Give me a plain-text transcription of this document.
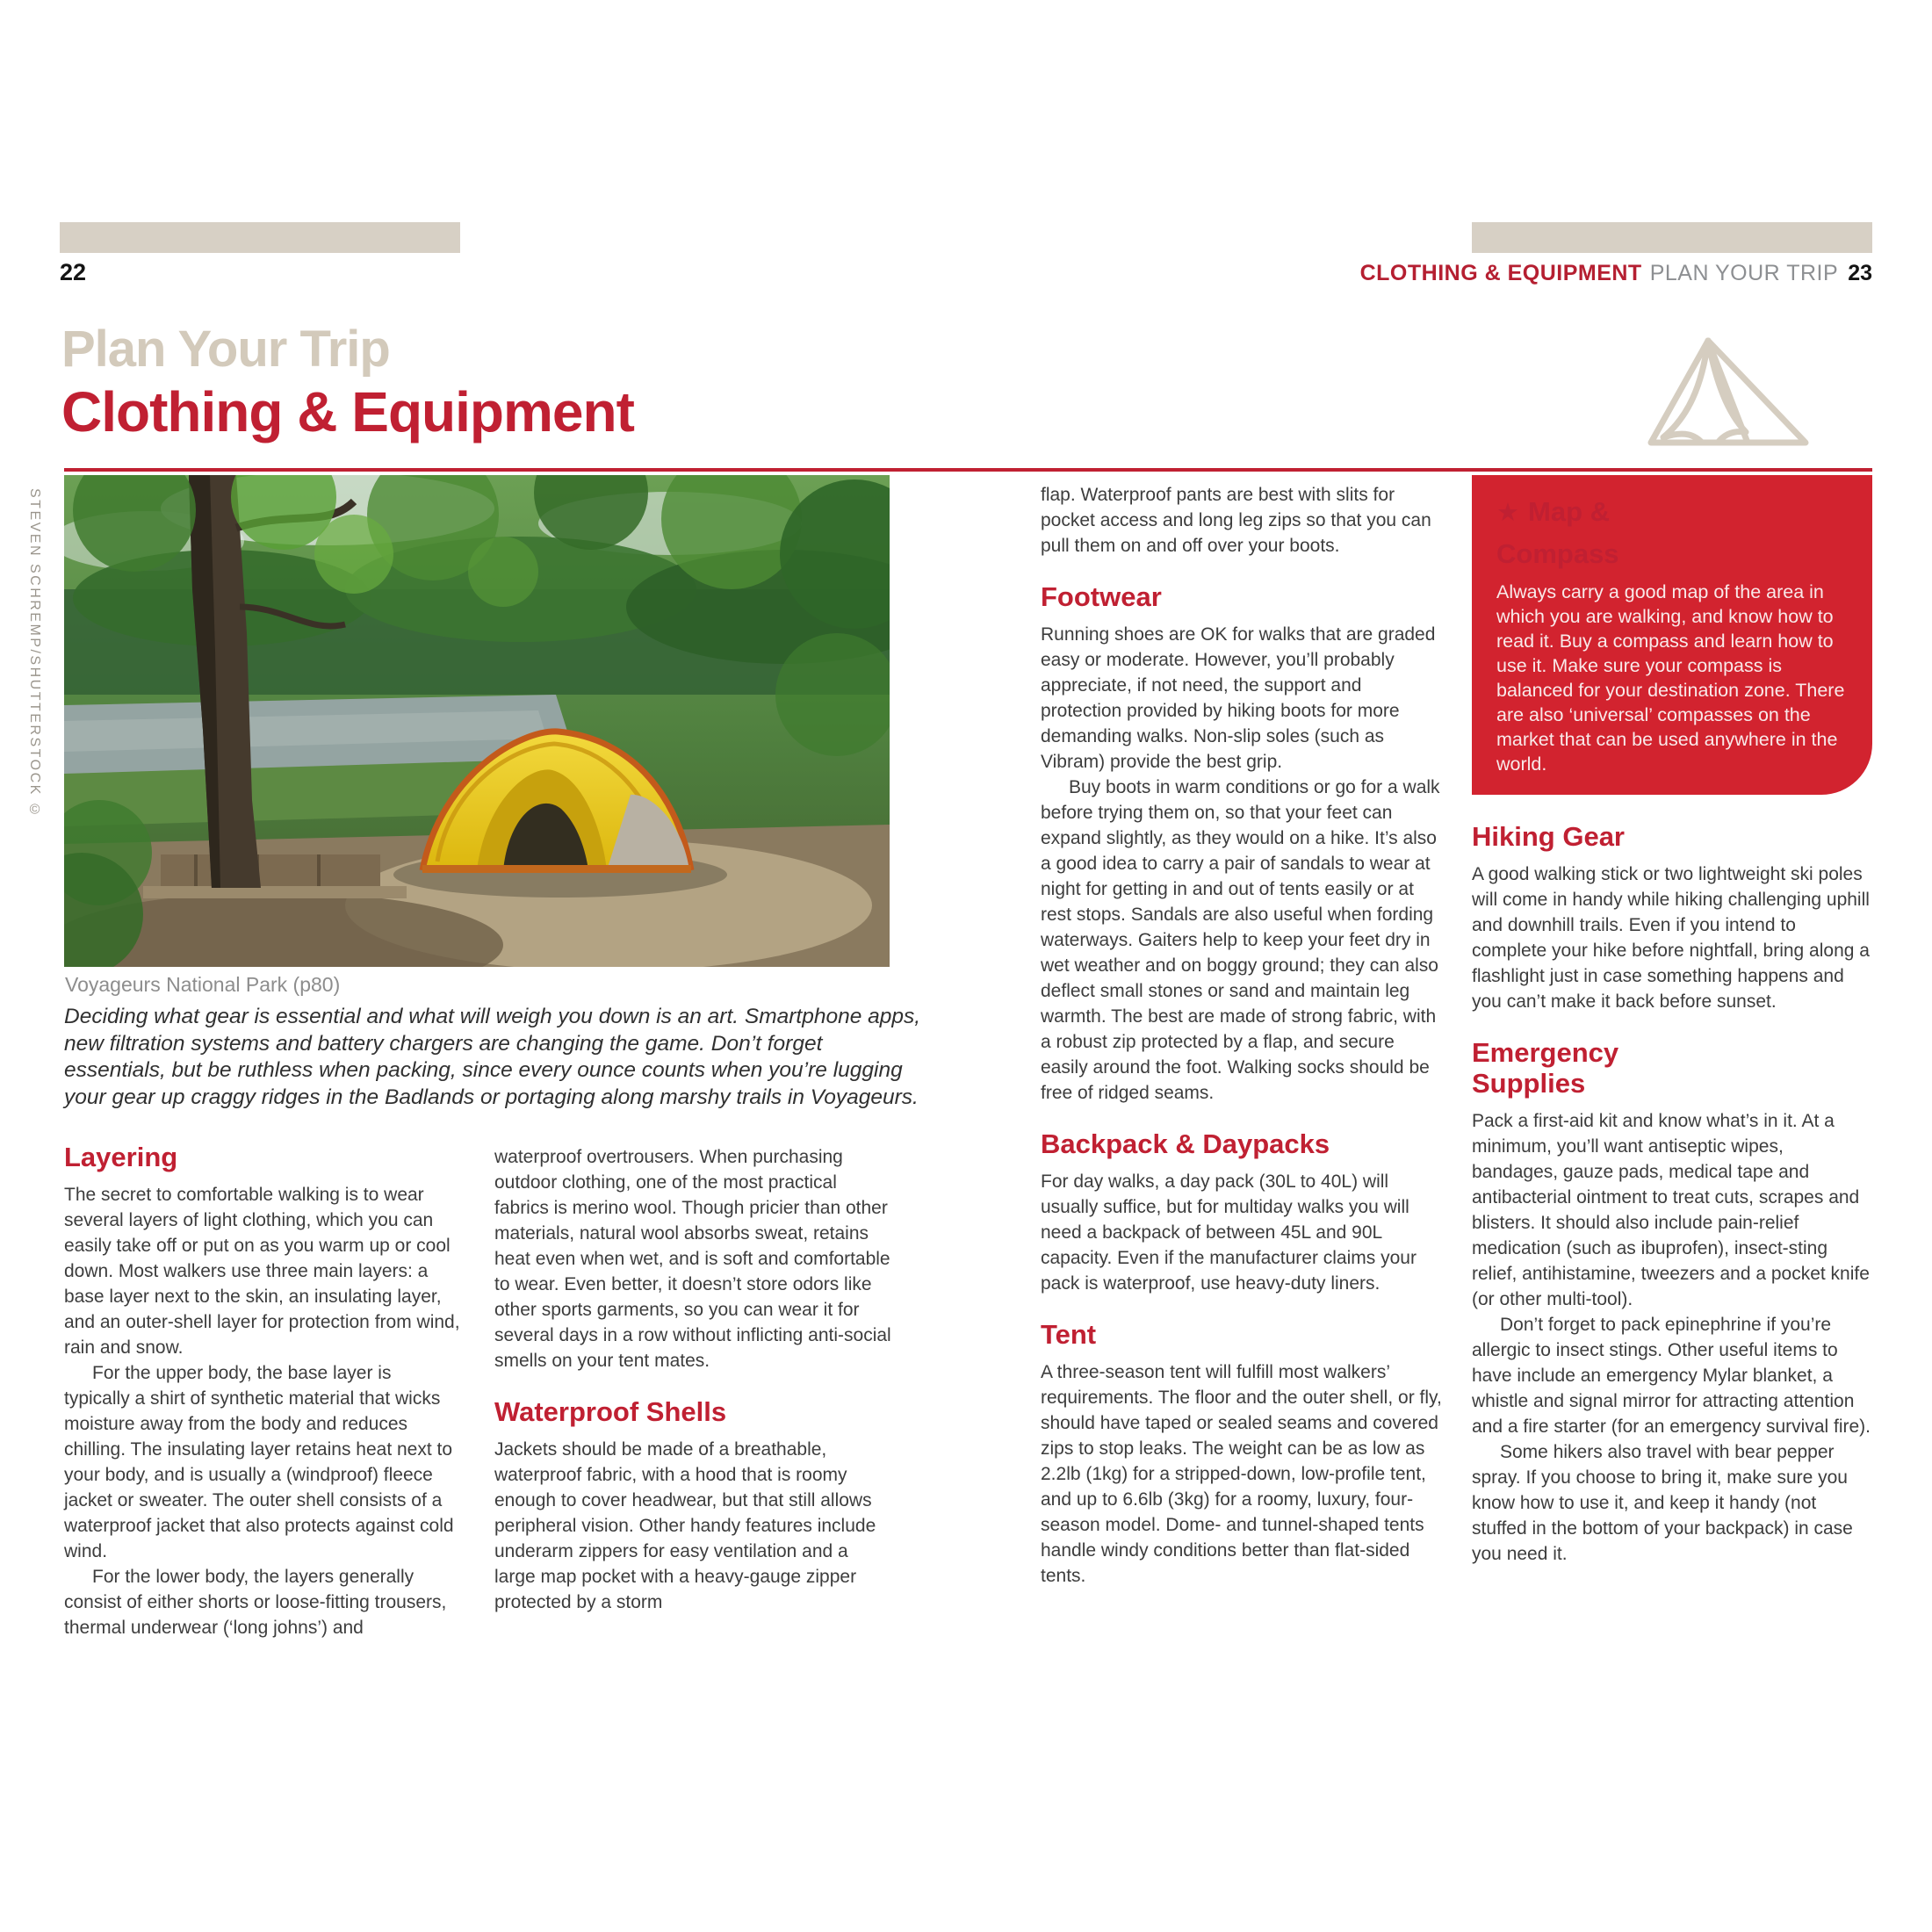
22	CLOTHING & EQUIPMENT PLAN YOUR TRIP 23
Plan Your Trip
Clothing & Equipment
STEVEN SCHREMP/SHUTTERSTOCK ©
Voyageurs National Park (p80)
Deciding what gear is essential and what will weigh you down is an art. Smartphone apps, new filtration systems and battery chargers are changing the game. Don’t forget essentials, but be ruthless when packing, since every ounce counts when you’re lugging your gear up craggy ridges in the Badlands or portaging along marshy trails in Voyageurs.
Layering

The secret to comfortable walking is to wear several layers of light clothing, which you can easily take off or put on as you warm up or cool down. Most walkers use three main layers: a base layer next to the skin, an insulating layer, and an outer-shell layer for protection from wind, rain and snow.

For the upper body, the base layer is typically a shirt of synthetic material that wicks moisture away from the body and reduces chilling. The insulating layer retains heat next to your body, and is usually a (windproof) fleece jacket or sweater. The outer shell consists of a waterproof jacket that also protects against cold wind.

For the lower body, the layers generally consist of either shorts or loose-fitting trousers, thermal underwear (‘long johns’) and

waterproof overtrousers. When purchasing outdoor clothing, one of the most practical fabrics is merino wool. Though pricier than other materials, natural wool absorbs sweat, retains heat even when wet, and is soft and comfortable to wear. Even better, it doesn’t store odors like other sports garments, so you can wear it for several days in a row without inflicting anti-social smells on your tent mates.

Waterproof Shells

Jackets should be made of a breathable, waterproof fabric, with a hood that is roomy enough to cover headwear, but that still allows peripheral vision. Other handy features include underarm zippers for easy ventilation and a large map pocket with a heavy-gauge zipper protected by a storm

flap. Waterproof pants are best with slits for pocket access and long leg zips so that you can pull them on and off over your boots.

Footwear

Running shoes are OK for walks that are graded easy or moderate. However, you’ll probably appreciate, if not need, the support and protection provided by hiking boots for more demanding walks. Non-slip soles (such as Vibram) provide the best grip.

Buy boots in warm conditions or go for a walk before trying them on, so that your feet can expand slightly, as they would on a hike. It’s also a good idea to carry a pair of sandals to wear at night for getting in and out of tents easily or at rest stops. Sandals are also useful when fording waterways. Gaiters help to keep your feet dry in wet weather and on boggy ground; they can also deflect small stones or sand and maintain leg warmth. The best are made of strong fabric, with a robust zip protected by a flap, and secure easily around the foot. Walking socks should be free of ridged seams.

Backpack & Daypacks

For day walks, a day pack (30L to 40L) will usually suffice, but for multiday walks you will need a backpack of between 45L and 90L capacity. Even if the manufacturer claims your pack is waterproof, use heavy-duty liners.

Tent

A three-season tent will fulfill most walkers’ requirements. The floor and the outer shell, or fly, should have taped or sealed seams and covered zips to stop leaks. The weight can be as low as 2.2lb (1kg) for a stripped-down, low-profile tent, and up to 6.6lb (3kg) for a roomy, luxury, four-season model. Dome- and tunnel-shaped tents handle windy conditions better than flat-sided tents.

★ Map &
Compass

Always carry a good map of the area in which you are walking, and know how to read it. Buy a compass and learn how to use it. Make sure your compass is balanced for your destination zone. There are also ‘universal’ compasses on the market that can be used anywhere in the world.

Hiking Gear

A good walking stick or two lightweight ski poles will come in handy while hiking challenging uphill and downhill trails. Even if you intend to complete your hike before nightfall, bring along a flashlight just in case something happens and you can’t make it back before sunset.

Emergency
Supplies

Pack a first-aid kit and know what’s in it. At a minimum, you’ll want antiseptic wipes, bandages, gauze pads, medical tape and antibacterial ointment to treat cuts, scrapes and blisters. It should also include pain-relief medication (such as ibuprofen), insect-sting relief, antihistamine, tweezers and a pocket knife (or other multi-tool).

Don’t forget to pack epinephrine if you’re allergic to insect stings. Other useful items to have include an emergency Mylar blanket, a whistle and signal mirror for attracting attention and a fire starter (for an emergency survival fire).

Some hikers also travel with bear pepper spray. If you choose to bring it, make sure you know how to use it, and keep it handy (not stuffed in the bottom of your backpack) in case you need it.
